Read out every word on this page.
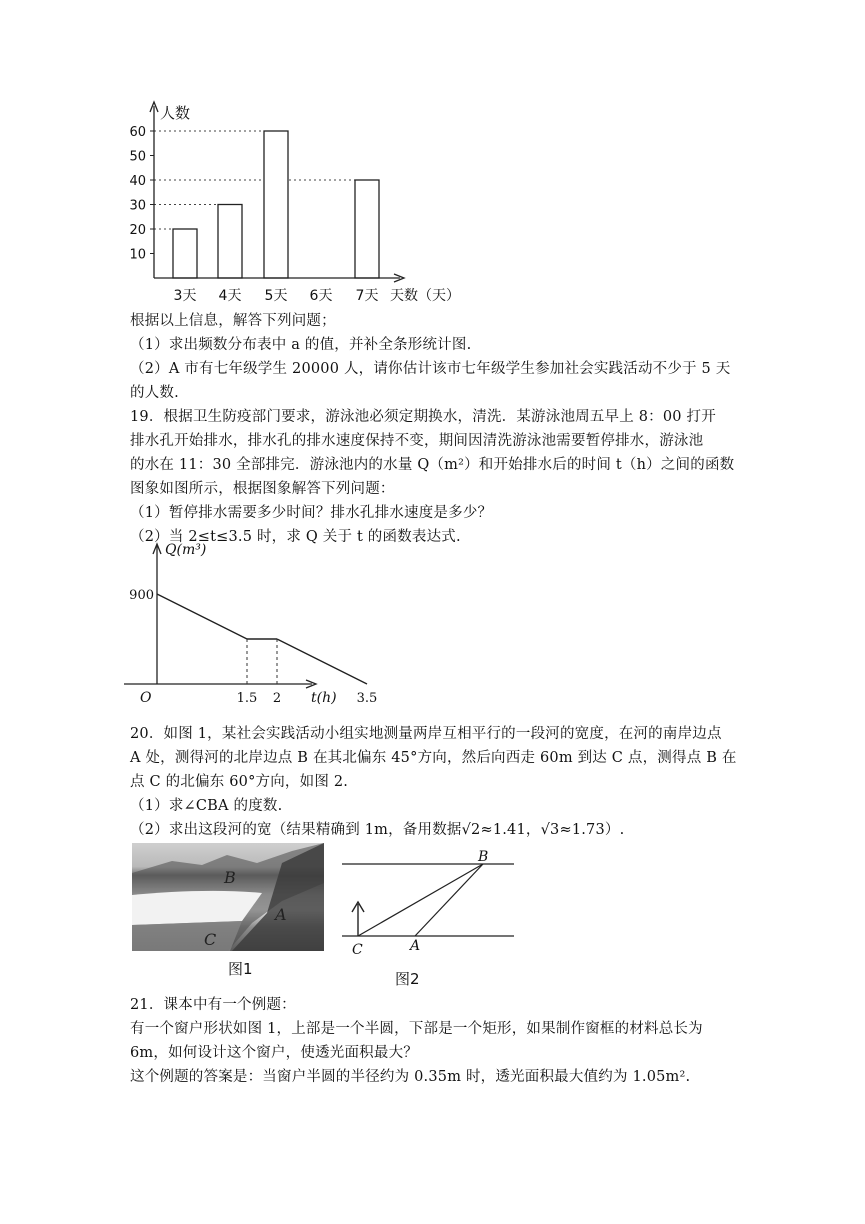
10
20
30
40
50
60
3天 4天 5天 6天 7天
人数
天数（天）
根据以上信息，解答下列问题；
（1）求出频数分布表中 a 的值，并补全条形统计图.
（2）A 市有七年级学生 20000 人，请你估计该市七年级学生参加社会实践活动不少于 5 天
的人数.
19．根据卫生防疫部门要求，游泳池必须定期换水，清洗．某游泳池周五早上 8：00 打开
排水孔开始排水，排水孔的排水速度保持不变，期间因清洗游泳池需要暂停排水，游泳池
的水在 11：30 全部排完．游泳池内的水量 Q（m²）和开始排水后的时间 t（h）之间的函数
图象如图所示，根据图象解答下列问题：
（1）暂停排水需要多少时间？排水孔排水速度是多少？
（2）当 2≤t≤3.5 时，求 Q 关于 t 的函数表达式.
1.5 2	3.5
900
O
Q(m³)
t(h)
20．如图 1，某社会实践活动小组实地测量两岸互相平行的一段河的宽度，在河的南岸边点
A 处，测得河的北岸边点 B 在其北偏东 45°方向，然后向西走 60m 到达 C 点，测得点 B 在
点 C 的北偏东 60°方向，如图 2.
（1）求∠CBA 的度数.
（2）求出这段河的宽（结果精确到 1m，备用数据√2≈1.41，√3≈1.73）.
B
A
C
图1
B
C	A
图2
21．课本中有一个例题：
有一个窗户形状如图 1，上部是一个半圆，下部是一个矩形，如果制作窗框的材料总长为
6m，如何设计这个窗户，使透光面积最大？
这个例题的答案是：当窗户半圆的半径约为 0.35m 时，透光面积最大值约为 1.05m².
